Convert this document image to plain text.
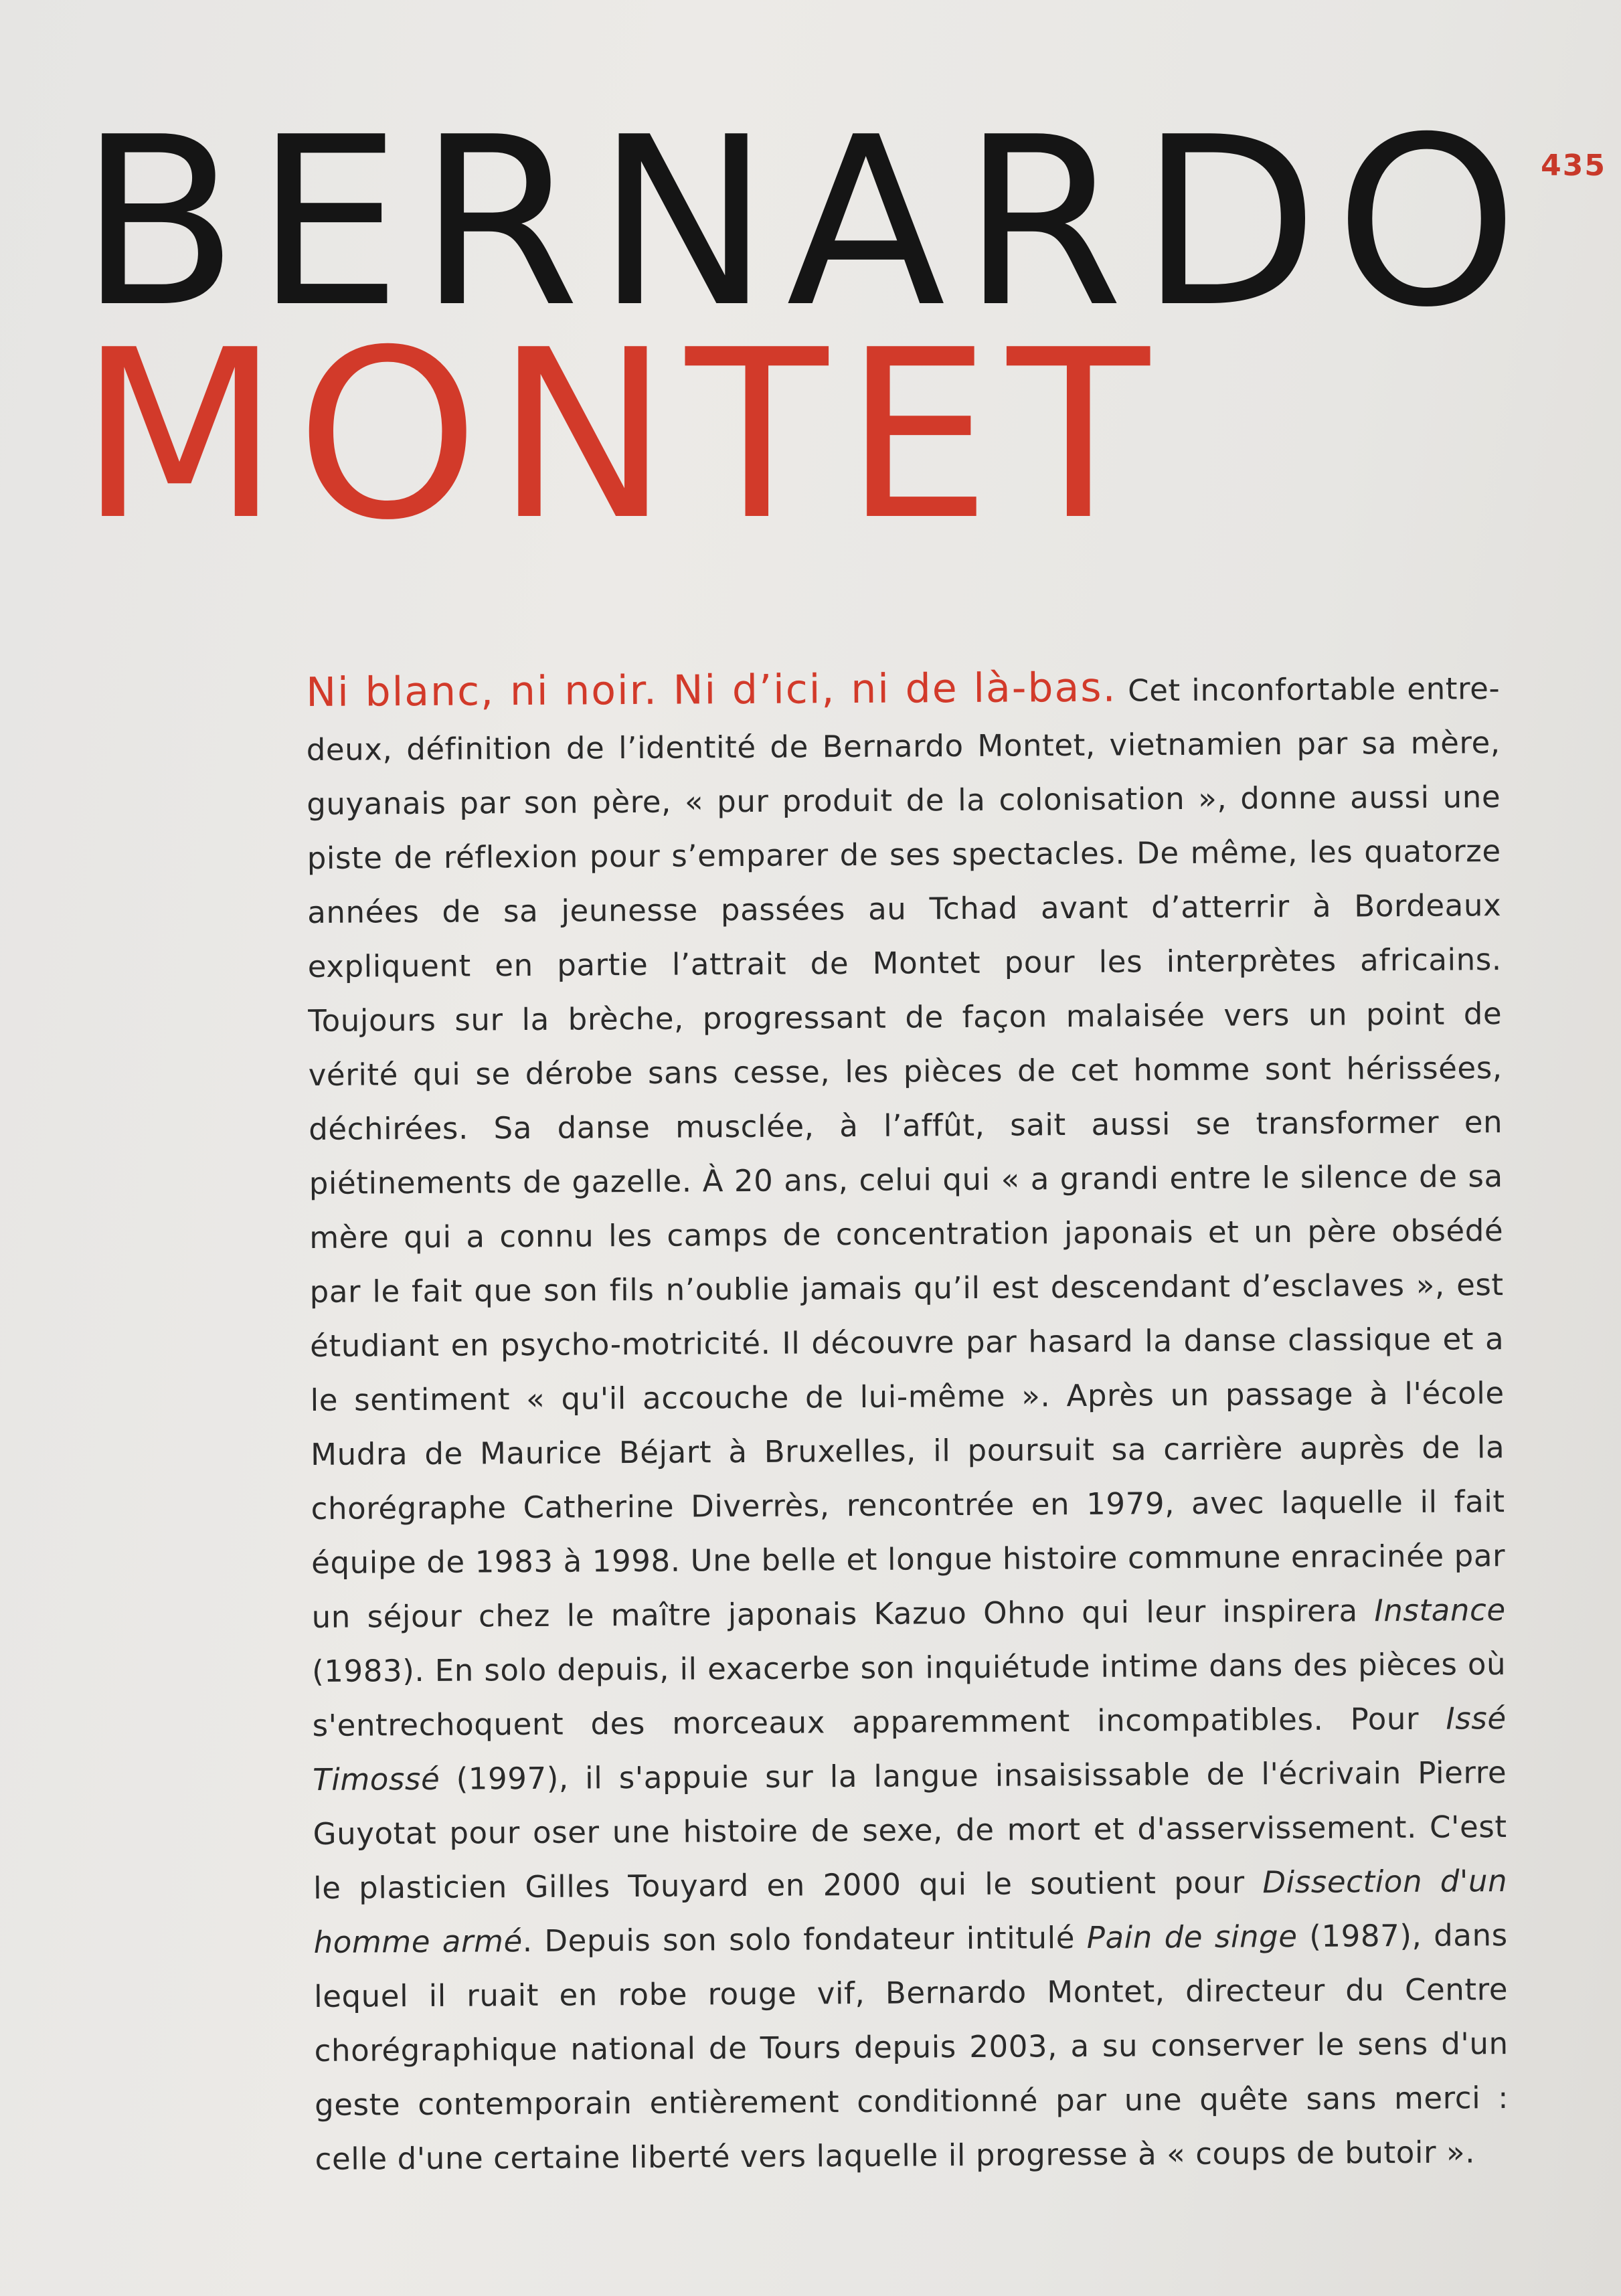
435
BERNARDO
MONTET

Ni blanc, ni noir. Ni d’ici, ni de là-bas. Cet inconfortable entre-deux, définition de l’identité de Bernardo Montet, vietnamien par sa mère, guyanais par son père, « pur produit de la colonisation », donne aussi une piste de réflexion pour s’emparer de ses spectacles. De même, les quatorze années de sa jeunesse passées au Tchad avant d’atterrir à Bordeaux expliquent en partie l’attrait de Montet pour les interprètes africains. Toujours sur la brèche, progressant de façon malaisée vers un point de vérité qui se dérobe sans cesse, les pièces de cet homme sont hérissées, déchirées. Sa danse musclée, à l’affût, sait aussi se transformer en piétinements de gazelle. À 20 ans, celui qui « a grandi entre le silence de sa mère qui a connu les camps de concentration japonais et un père obsédé par le fait que son fils n’oublie jamais qu’il est descendant d’esclaves », est étudiant en psycho-motricité. Il découvre par hasard la danse classique et a le sentiment « qu'il accouche de lui-même ». Après un passage à l'école Mudra de Maurice Béjart à Bruxelles, il poursuit sa carrière auprès de la chorégraphe Catherine Diverrès, rencontrée en 1979, avec laquelle il fait équipe de 1983 à 1998. Une belle et longue histoire commune enracinée par un séjour chez le maître japonais Kazuo Ohno qui leur inspirera Instance (1983). En solo depuis, il exacerbe son inquiétude intime dans des pièces où s'entrechoquent des morceaux apparemment incompatibles. Pour Issé Timossé (1997), il s'appuie sur la langue insaisissable de l'écrivain Pierre Guyotat pour oser une histoire de sexe, de mort et d'asservissement. C'est le plasticien Gilles Touyard en 2000 qui le soutient pour Dissection d'un homme armé. Depuis son solo fondateur intitulé Pain de singe (1987), dans lequel il ruait en robe rouge vif, Bernardo Montet, directeur du Centre chorégraphique national de Tours depuis 2003, a su conserver le sens d'un geste contemporain entièrement conditionné par une quête sans merci : celle d'une certaine liberté vers laquelle il progresse à « coups de butoir ».
